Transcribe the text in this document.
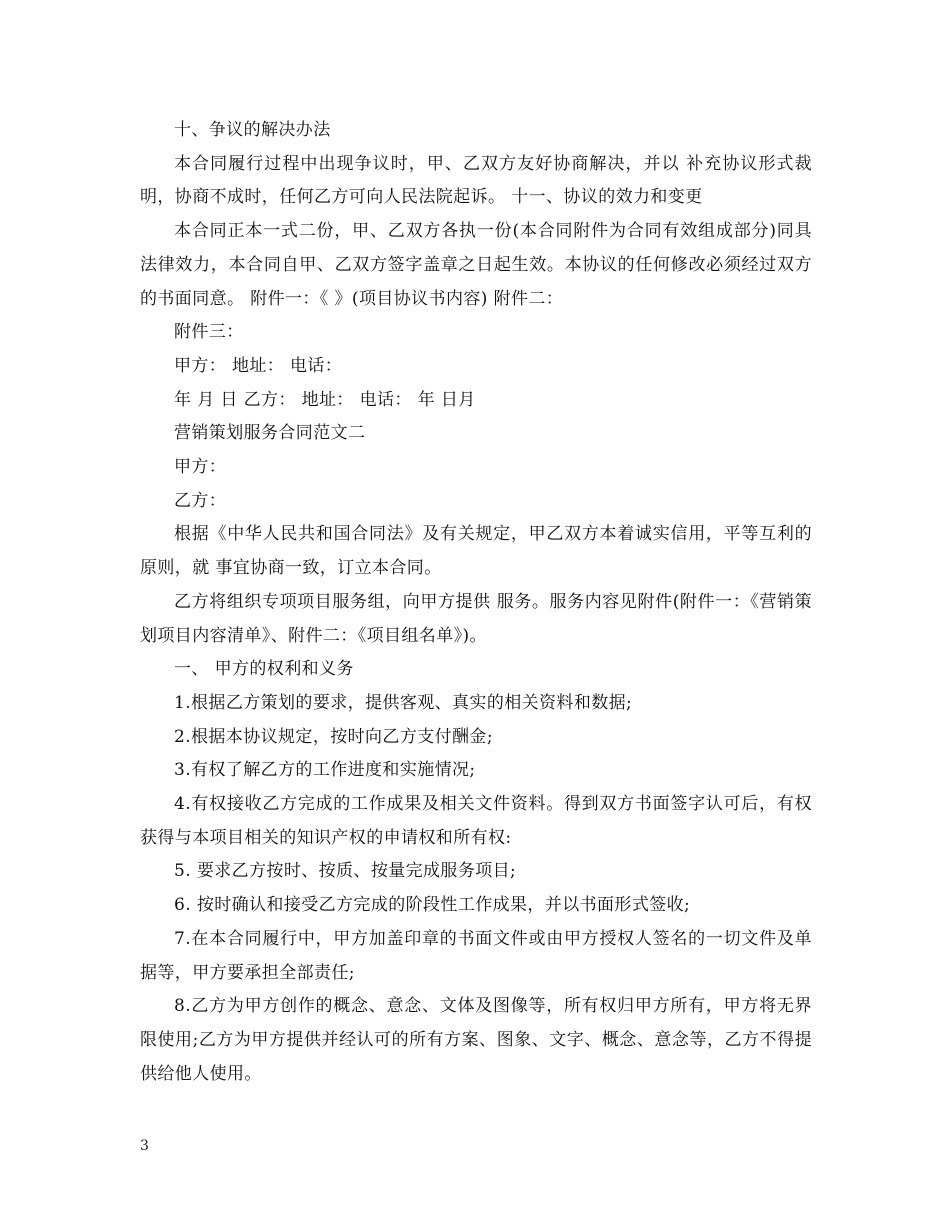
十、争议的解决办法

本合同履行过程中出现争议时，甲、乙双方友好协商解决，并以 补充协议形式裁明，协商不成时，任何乙方可向人民法院起诉。 十一、协议的效力和变更

本合同正本一式二份，甲、乙双方各执一份(本合同附件为合同有效组成部分)同具法律效力，本合同自甲、乙双方签字盖章之日起生效。本协议的任何修改必须经过双方的书面同意。 附件一：《 》(项目协议书内容) 附件二：

附件三：

甲方： 地址： 电话：

年 月 日 乙方： 地址： 电话： 年 日月

营销策划服务合同范文二

甲方：

乙方：

根据《中华人民共和国合同法》及有关规定，甲乙双方本着诚实信用，平等互利的原则，就 事宜协商一致，订立本合同。

乙方将组织专项项目服务组，向甲方提供 服务。服务内容见附件(附件一：《营销策划项目内容清单》、附件二：《项目组名单》)。

一、 甲方的权利和义务

1.根据乙方策划的要求，提供客观、真实的相关资料和数据;

2.根据本协议规定，按时向乙方支付酬金;

3.有权了解乙方的工作进度和实施情况;

4.有权接收乙方完成的工作成果及相关文件资料。得到双方书面签字认可后，有权获得与本项目相关的知识产权的申请权和所有权:

5. 要求乙方按时、按质、按量完成服务项目;

6. 按时确认和接受乙方完成的阶段性工作成果，并以书面形式签收;

7.在本合同履行中，甲方加盖印章的书面文件或由甲方授权人签名的一切文件及单据等，甲方要承担全部责任;

8.乙方为甲方创作的概念、意念、文体及图像等，所有权归甲方所有，甲方将无界限使用;乙方为甲方提供并经认可的所有方案、图象、文字、概念、意念等，乙方不得提供给他人使用。

3
